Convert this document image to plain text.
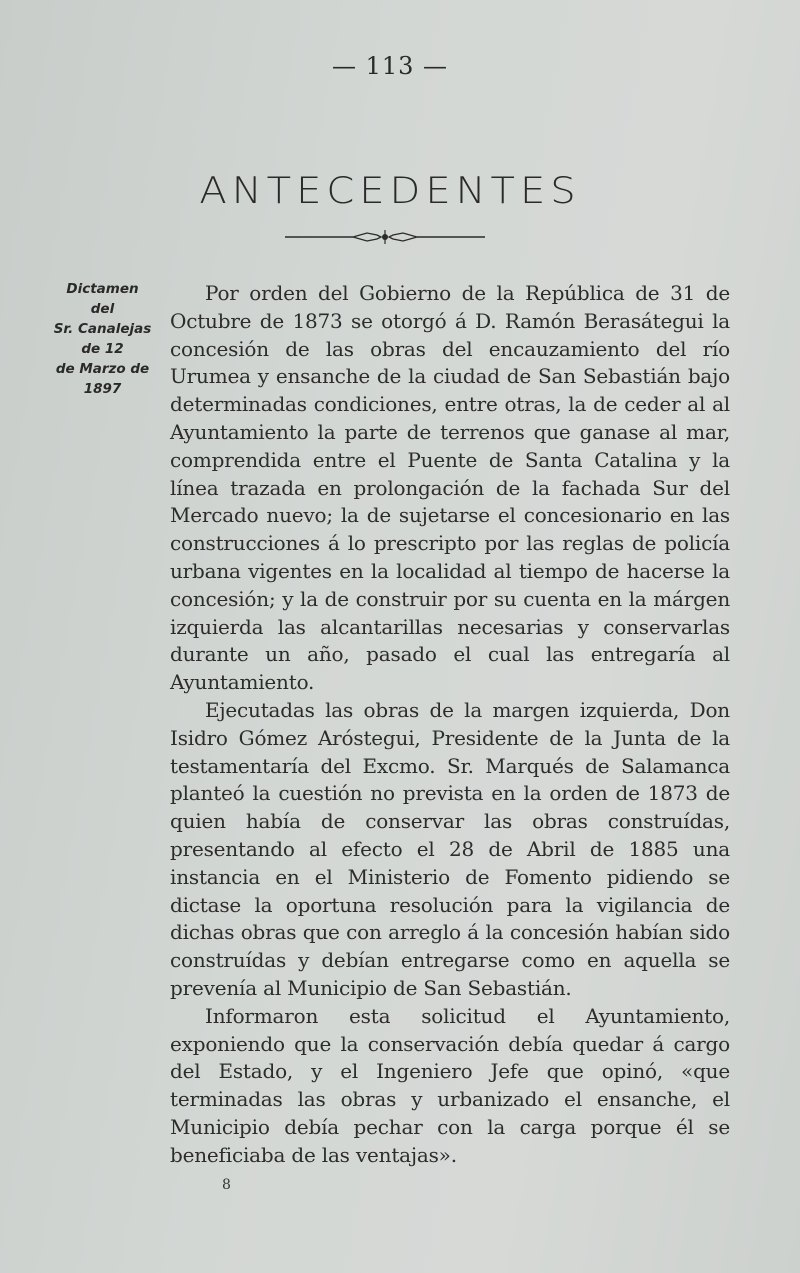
— 113 —
ANTECEDENTES
Dictamen
del
Sr. Canalejas
de 12
de Marzo de
1897

Por orden del Gobierno de la República de 31 de Octubre de 1873 se otorgó á D. Ramón Berasátegui la concesión de las obras del encauzamiento del río Urumea y ensanche de la ciudad de San Sebastián bajo determinadas condiciones, entre otras, la de ceder al al Ayuntamiento la parte de terrenos que ganase al mar, comprendida entre el Puente de Santa Catalina y la línea trazada en prolongación de la fachada Sur del Mercado nuevo; la de sujetarse el concesionario en las construcciones á lo prescripto por las reglas de policía urbana vigentes en la localidad al tiempo de hacerse la concesión; y la de construir por su cuenta en la márgen izquierda las alcantarillas necesarias y conservarlas durante un año, pasado el cual las entregaría al Ayuntamiento.

Ejecutadas las obras de la margen izquierda, Don Isidro Gómez Aróstegui, Presidente de la Junta de la testamentaría del Excmo. Sr. Marqués de Salamanca planteó la cuestión no prevista en la orden de 1873 de quien había de conservar las obras construídas, presentando al efecto el 28 de Abril de 1885 una instancia en el Ministerio de Fomento pidiendo se dictase la oportuna resolución para la vigilancia de dichas obras que con arreglo á la concesión habían sido construídas y debían entregarse como en aquella se prevenía al Municipio de San Sebastián.

Informaron esta solicitud el Ayuntamiento, exponiendo que la conservación debía quedar á cargo del Estado, y el Ingeniero Jefe que opinó, «que terminadas las obras y urbanizado el ensanche, el Municipio debía pechar con la carga porque él se beneficiaba de las ventajas».

8
